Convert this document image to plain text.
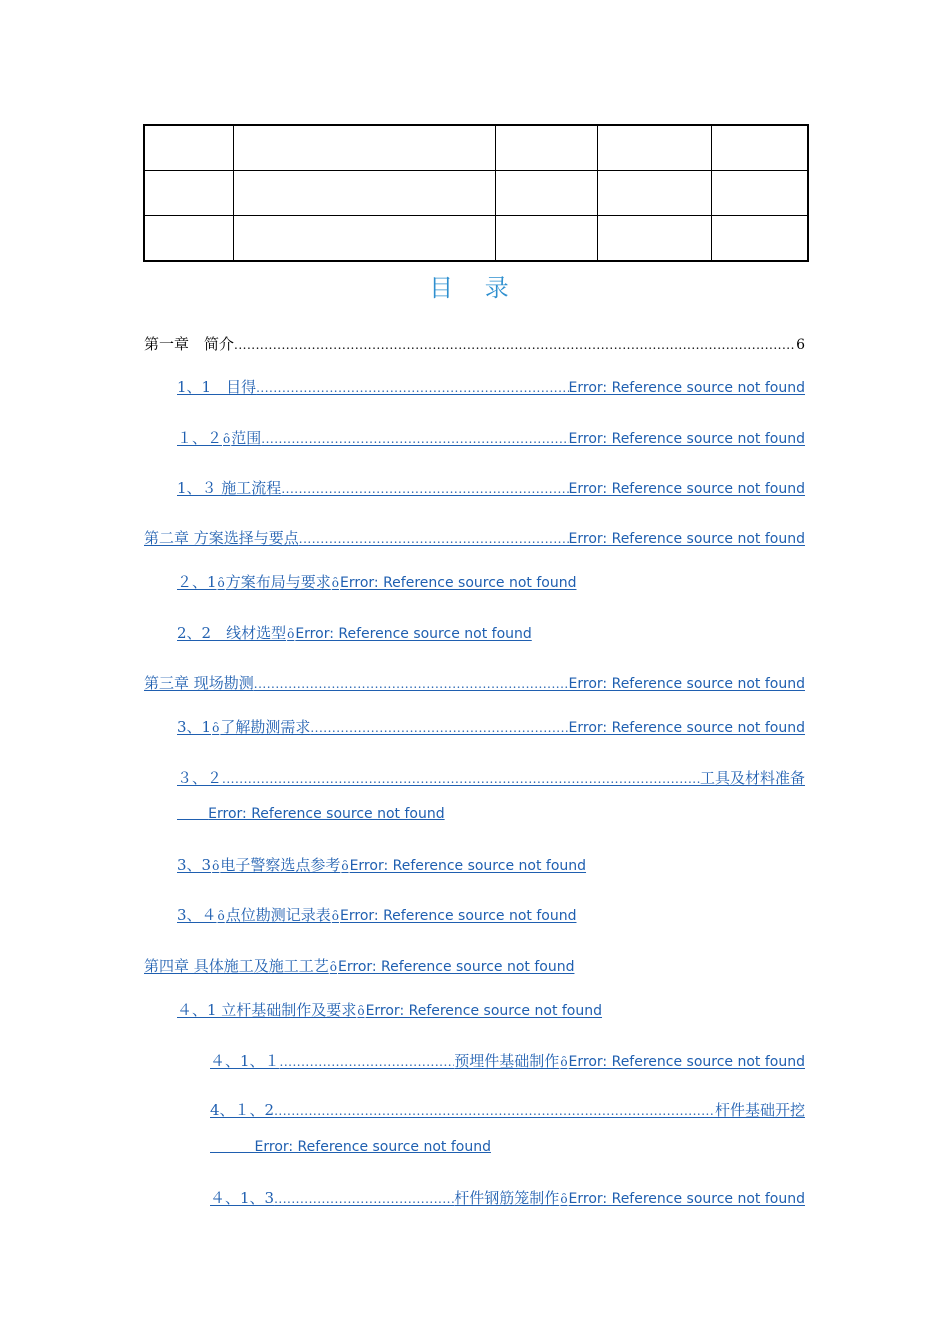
目 录
第一章　简介 .....	6
1、1　目得 .....	Error: Reference source not found
１、２ ȏ 范围 .....	Error: Reference source not found
1、３ 施工流程 .....	Error: Reference source not found
第二章 方案选择与要点 .....	Error: Reference source not found
２、1 ȏ 方案布局与要求 ȏ Error: Reference source not found
2、2　线材选型 ȏ Error: Reference source not found
第三章 现场勘测 .....	Error: Reference source not found
3、1 ȏ 了解勘测需求 .....	Error: Reference source not found
３、２ .....	工具及材料准备
Error: Reference source not found
3、3 ȏ 电子警察选点参考 ȏ Error: Reference source not found
3、４ ȏ 点位勘测记录表 ȏ Error: Reference source not found
第四章 具体施工及施工工艺 ȏ Error: Reference source not found
４、1 立杆基础制作及要求 ȏ Error: Reference source not found
４、1、１ .....	预埋件基础制作 ȏ Error: Reference source not found
4、１、2 .....	杆件基础开挖
Error: Reference source not found
４、1、3 .....	杆件钢筋笼制作 ȏ Error: Reference source not found
